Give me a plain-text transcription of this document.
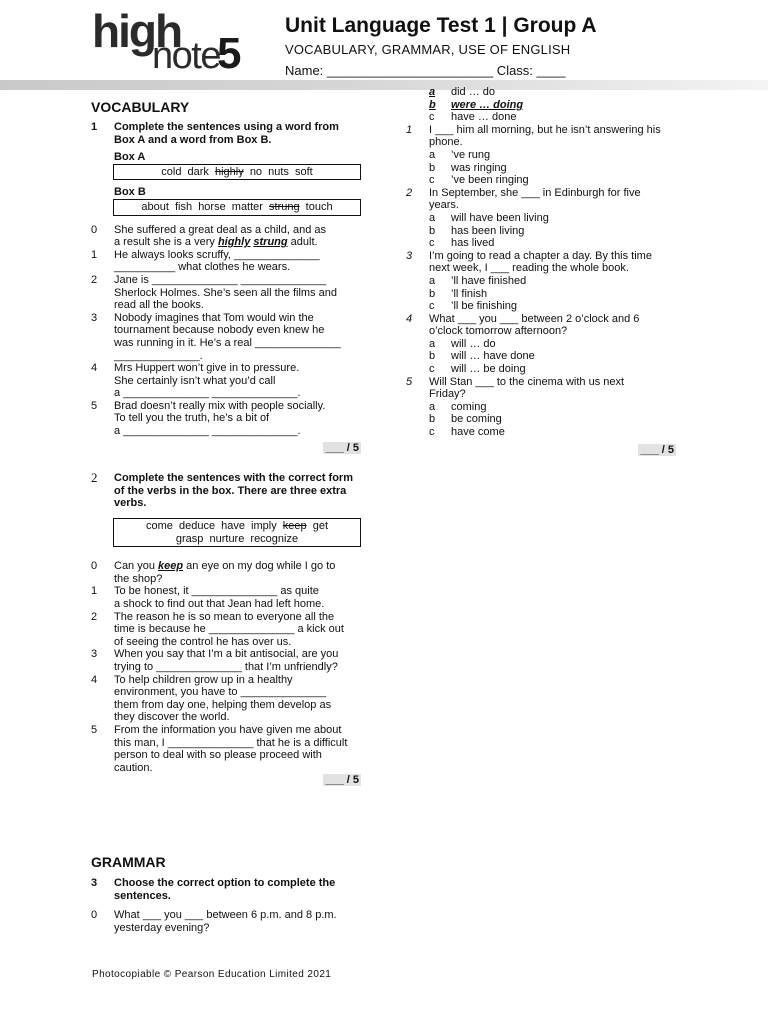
high
note
5
Unit Language Test 1 | Group A
VOCABULARY, GRAMMAR, USE OF ENGLISH
Name: _______________________ Class: ____
VOCABULARY
1 Complete the sentences using a word from Box A and a word from Box B.
Box A
cold dark highly no nuts soft
Box B
about fish horse matter strung touch
0 She suffered a great deal as a child, and as
a result she is a very highly strung adult.
1 He always looks scruffy, ______________
__________ what clothes he wears.
2 Jane is ______________ ______________
Sherlock Holmes. She’s seen all the films and
read all the books.
3 Nobody imagines that Tom would win the
tournament because nobody even knew he
was running in it. He’s a real ______________
______________.
4 Mrs Huppert won’t give in to pressure.
She certainly isn’t what you’d call
a ______________ ______________.
5 Brad doesn’t really mix with people socially.
To tell you the truth, he’s a bit of
a ______________ ______________.
___ / 5
2 Complete the sentences with the correct form of the verbs in the box. There are three extra verbs.
come deduce have imply keep get
grasp nurture recognize
0 Can you keep an eye on my dog while I go to
the shop?
1 To be honest, it ______________ as quite
a shock to find out that Jean had left home.
2 The reason he is so mean to everyone all the
time is because he ______________ a kick out
of seeing the control he has over us.
3 When you say that I’m a bit antisocial, are you
trying to ______________ that I’m unfriendly?
4 To help children grow up in a healthy
environment, you have to ______________
them from day one, helping them develop as
they discover the world.
5 From the information you have given me about
this man, I ______________ that he is a difficult
person to deal with so please proceed with
caution.
___ / 5
GRAMMAR
3 Choose the correct option to complete the sentences.
0 What ___ you ___ between 6 p.m. and 8 p.m.
yesterday evening?
a did … do
b were … doing
c have … done
1 I ___ him all morning, but he isn’t answering his
phone.
a ’ve rung
b was ringing
c ’ve been ringing
2 In September, she ___ in Edinburgh for five
years.
a will have been living
b has been living
c has lived
3 I’m going to read a chapter a day. By this time
next week, I ___ reading the whole book.
a ’ll have finished
b ’ll finish
c ’ll be finishing
4 What ___ you ___ between 2 o’clock and 6
o’clock tomorrow afternoon?
a will … do
b will … have done
c will … be doing
5 Will Stan ___ to the cinema with us next
Friday?
a coming
b be coming
c have come
___ / 5
Photocopiable © Pearson Education Limited 2021
